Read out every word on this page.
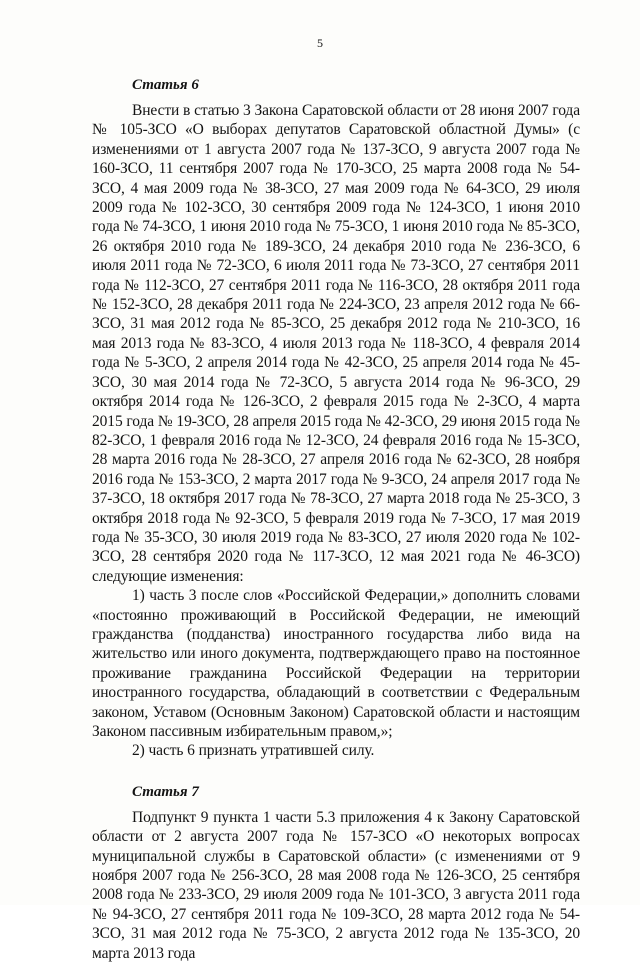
5
Статья 6

Внести в статью 3 Закона Саратовской области от 28 июня 2007 года № 105-ЗСО «О выборах депутатов Саратовской областной Думы» (с изменениями от 1 августа 2007 года № 137-ЗСО, 9 августа 2007 года № 160-ЗСО, 11 сентября 2007 года № 170-ЗСО, 25 марта 2008 года № 54-ЗСО, 4 мая 2009 года № 38-ЗСО, 27 мая 2009 года № 64-ЗСО, 29 июля 2009 года № 102-ЗСО, 30 сентября 2009 года № 124-ЗСО, 1 июня 2010 года № 74-ЗСО, 1 июня 2010 года № 75-ЗСО, 1 июня 2010 года № 85-ЗСО, 26 октября 2010 года № 189-ЗСО, 24 декабря 2010 года № 236-ЗСО, 6 июля 2011 года № 72-ЗСО, 6 июля 2011 года № 73-ЗСО, 27 сентября 2011 года № 112-ЗСО, 27 сентября 2011 года № 116-ЗСО, 28 октября 2011 года № 152-ЗСО, 28 декабря 2011 года № 224-ЗСО, 23 апреля 2012 года № 66-ЗСО, 31 мая 2012 года № 85-ЗСО, 25 декабря 2012 года № 210-ЗСО, 16 мая 2013 года № 83-ЗСО, 4 июля 2013 года № 118-ЗСО, 4 февраля 2014 года № 5-ЗСО, 2 апреля 2014 года № 42-ЗСО, 25 апреля 2014 года № 45-ЗСО, 30 мая 2014 года № 72-ЗСО, 5 августа 2014 года № 96-ЗСО, 29 октября 2014 года № 126-ЗСО, 2 февраля 2015 года № 2-ЗСО, 4 марта 2015 года № 19-ЗСО, 28 апреля 2015 года № 42-ЗСО, 29 июня 2015 года № 82-ЗСО, 1 февраля 2016 года № 12-ЗСО, 24 февраля 2016 года № 15-ЗСО, 28 марта 2016 года № 28-ЗСО, 27 апреля 2016 года № 62-ЗСО, 28 ноября 2016 года № 153-ЗСО, 2 марта 2017 года № 9-ЗСО, 24 апреля 2017 года № 37-ЗСО, 18 октября 2017 года № 78-ЗСО, 27 марта 2018 года № 25-ЗСО, 3 октября 2018 года № 92-ЗСО, 5 февраля 2019 года № 7-ЗСО, 17 мая 2019 года № 35-ЗСО, 30 июля 2019 года № 83-ЗСО, 27 июля 2020 года № 102-ЗСО, 28 сентября 2020 года № 117-ЗСО, 12 мая 2021 года № 46-ЗСО) следующие изменения:

1) часть 3 после слов «Российской Федерации,» дополнить словами «постоянно проживающий в Российской Федерации, не имеющий гражданства (подданства) иностранного государства либо вида на жительство или иного документа, подтверждающего право на постоянное проживание гражданина Российской Федерации на территории иностранного государства, обладающий в соответствии с Федеральным законом, Уставом (Основным Законом) Саратовской области и настоящим Законом пассивным избирательным правом,»;

2) часть 6 признать утратившей силу.

Статья 7

Подпункт 9 пункта 1 части 5.3 приложения 4 к Закону Саратовской области от 2 августа 2007 года № 157-ЗСО «О некоторых вопросах муниципальной службы в Саратовской области» (с изменениями от 9 ноября 2007 года № 256-ЗСО, 28 мая 2008 года № 126-ЗСО, 25 сентября 2008 года № 233-ЗСО, 29 июля 2009 года № 101-ЗСО, 3 августа 2011 года № 94-ЗСО, 27 сентября 2011 года № 109-ЗСО, 28 марта 2012 года № 54-ЗСО, 31 мая 2012 года № 75-ЗСО, 2 августа 2012 года № 135-ЗСО, 20 марта 2013 года
